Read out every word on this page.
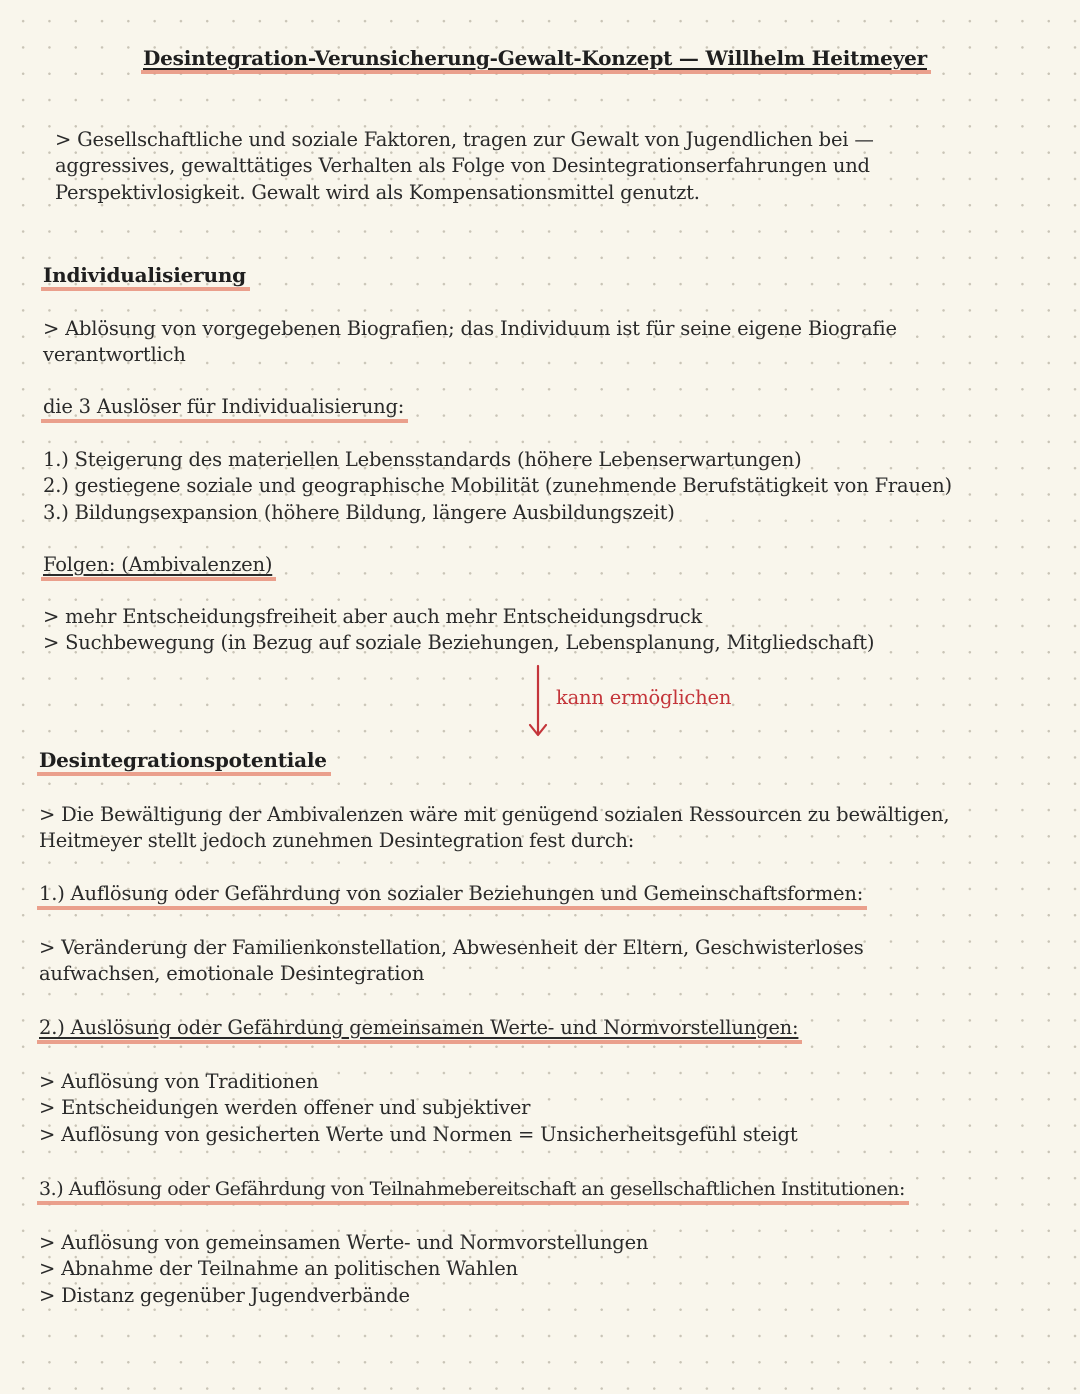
Desintegration-Verunsicherung-Gewalt-Konzept — Willhelm Heitmeyer
> Gesellschaftliche und soziale Faktoren, tragen zur Gewalt von Jugendlichen bei —
aggressives, gewalttätiges Verhalten als Folge von Desintegrationserfahrungen und
Perspektivlosigkeit. Gewalt wird als Kompensationsmittel genutzt.
Individualisierung
> Ablösung von vorgegebenen Biografien; das Individuum ist für seine eigene Biografie
verantwortlich
die 3 Auslöser für Individualisierung:
1.) Steigerung des materiellen Lebensstandards (höhere Lebenserwartungen)
2.) gestiegene soziale und geographische Mobilität (zunehmende Berufstätigkeit von Frauen)
3.) Bildungsexpansion (höhere Bildung, längere Ausbildungszeit)
Folgen: (Ambivalenzen)
> mehr Entscheidungsfreiheit aber auch mehr Entscheidungsdruck
> Suchbewegung (in Bezug auf soziale Beziehungen, Lebensplanung, Mitgliedschaft)
kann ermöglichen
Desintegrationspotentiale
> Die Bewältigung der Ambivalenzen wäre mit genügend sozialen Ressourcen zu bewältigen,
Heitmeyer stellt jedoch zunehmen Desintegration fest durch:
1.) Auflösung oder Gefährdung von sozialer Beziehungen und Gemeinschaftsformen:
> Veränderung der Familienkonstellation, Abwesenheit der Eltern, Geschwisterloses
aufwachsen, emotionale Desintegration
2.) Auslösung oder Gefährdung gemeinsamen Werte- und Normvorstellungen:
> Auflösung von Traditionen
> Entscheidungen werden offener und subjektiver
> Auflösung von gesicherten Werte und Normen = Unsicherheitsgefühl steigt
3.) Auflösung oder Gefährdung von Teilnahmebereitschaft an gesellschaftlichen Institutionen:
> Auflösung von gemeinsamen Werte- und Normvorstellungen
> Abnahme der Teilnahme an politischen Wahlen
> Distanz gegenüber Jugendverbände
